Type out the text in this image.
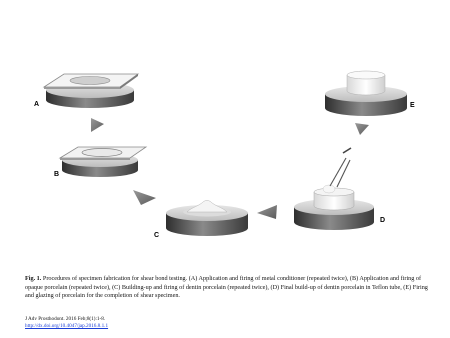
A
B
C
D
E

Fig. 1. Procedures of specimen fabrication for shear bond testing. (A) Application and firing of metal conditioner (repeated twice), (B) Application and firing of opaque porcelain (repeated twice), (C) Building-up and firing of dentin porcelain (repeated twice), (D) Final build-up of dentin porcelain in Teflon tube, (E) Firing and glazing of porcelain for the completion of shear specimen.

J Adv Prosthodont. 2016 Feb;8(1):1-8.
http://dx.doi.org/10.4047/jap.2016.8.1.1
